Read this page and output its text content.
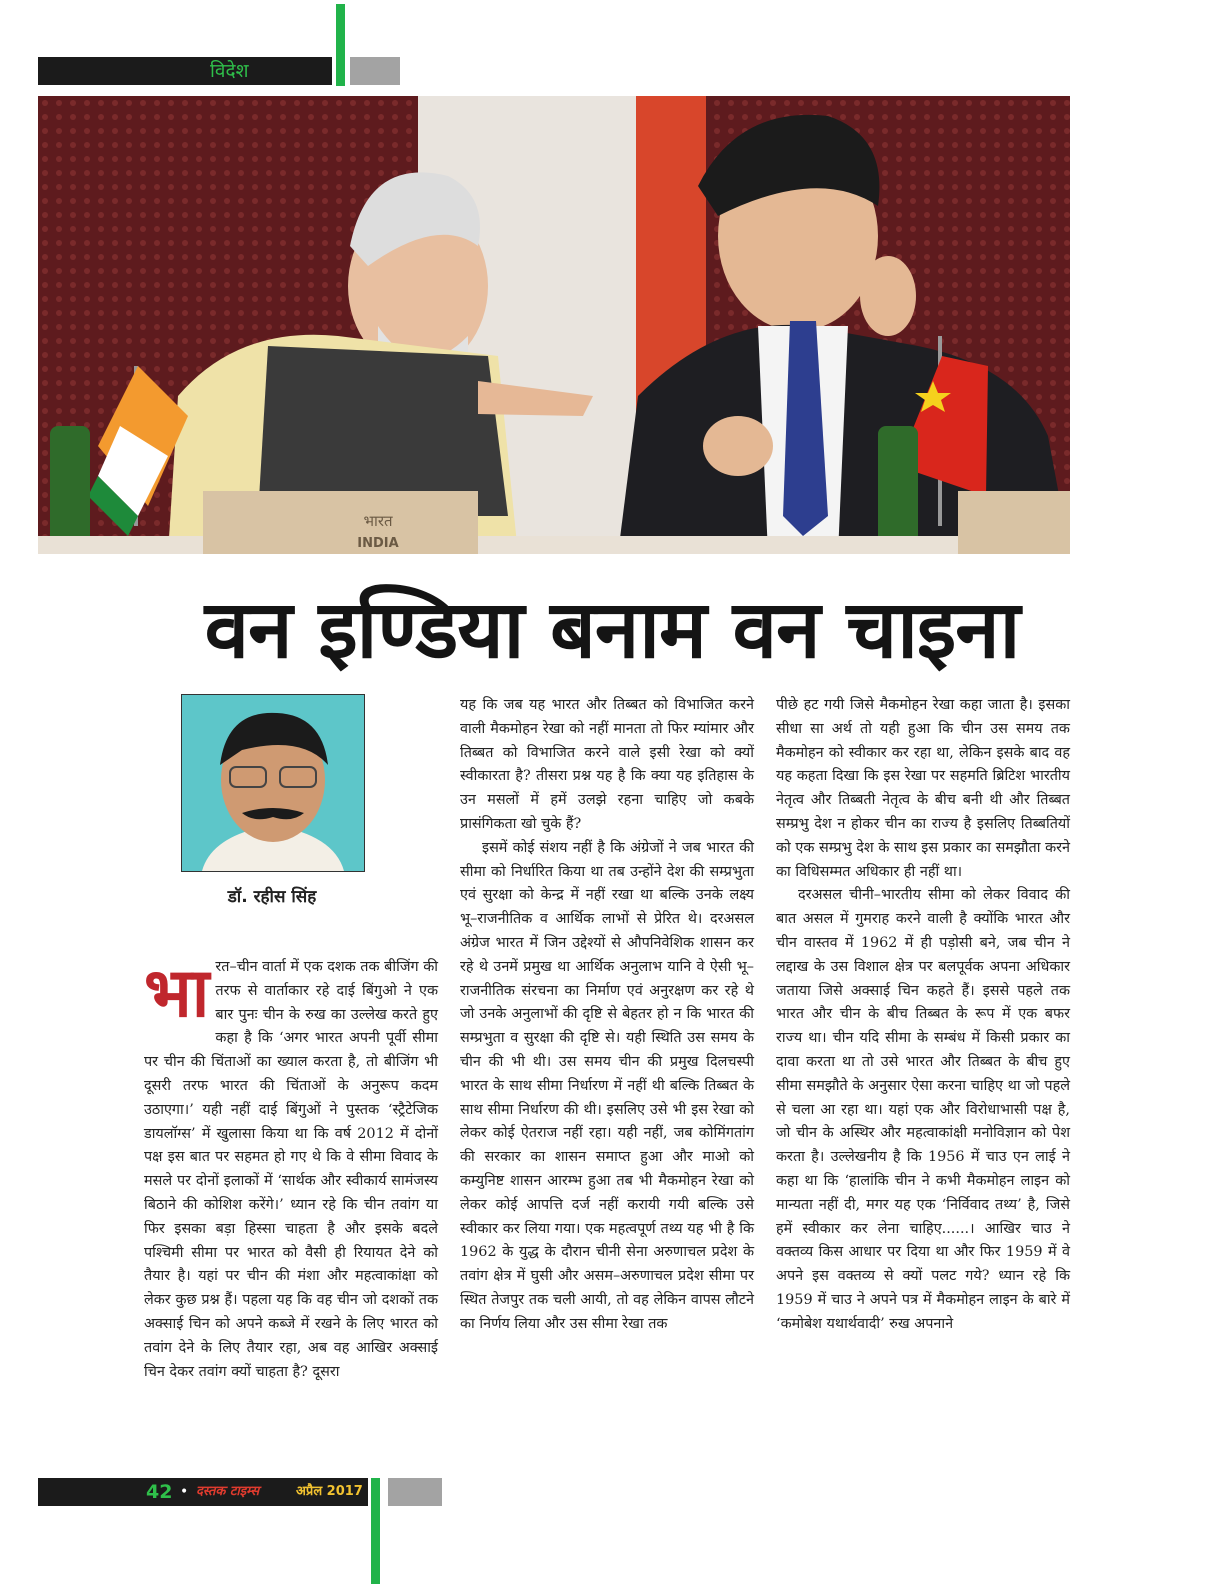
विदेश
भारत
INDIA
वन इण्डिया बनाम वन चाइना
डॉ. रहीस सिंह
भा रत–चीन वार्ता में एक दशक तक बीजिंग की तरफ से वार्ताकार रहे दाई बिंगुओ ने एक बार पुनः चीन के रुख का उल्लेख करते हुए कहा है कि ‘अगर भारत अपनी पूर्वी सीमा पर चीन की चिंताओं का ख्याल करता है, तो बीजिंग भी दूसरी तरफ भारत की चिंताओं के अनुरूप कदम उठाएगा।’ यही नहीं दाई बिंगुओं ने पुस्तक ‘स्ट्रैटेजिक डायलॉग्स’ में खुलासा किया था कि वर्ष 2012 में दोनों पक्ष इस बात पर सहमत हो गए थे कि वे सीमा विवाद के मसले पर दोनों इलाकों में ‘सार्थक और स्वीकार्य सामंजस्य बिठाने की कोशिश करेंगे।’ ध्यान रहे कि चीन तवांग या फिर इसका बड़ा हिस्सा चाहता है और इसके बदले पश्चिमी सीमा पर भारत को वैसी ही रियायत देने को तैयार है। यहां पर चीन की मंशा और महत्वाकांक्षा को लेकर कुछ प्रश्न हैं। पहला यह कि वह चीन जो दशकों तक अक्साई चिन को अपने कब्जे में रखने के लिए भारत को तवांग देने के लिए तैयार रहा, अब वह आखिर अक्साई चिन देकर तवांग क्यों चाहता है? दूसरा

यह कि जब यह भारत और तिब्बत को विभाजित करने वाली मैकमोहन रेखा को नहीं मानता तो फिर म्यांमार और तिब्बत को विभाजित करने वाले इसी रेखा को क्यों स्वीकारता है? तीसरा प्रश्न यह है कि क्या यह इतिहास के उन मसलों में हमें उलझे रहना चाहिए जो कबके प्रासंगिकता खो चुके हैं?

इसमें कोई संशय नहीं है कि अंग्रेजों ने जब भारत की सीमा को निर्धारित किया था तब उन्होंने देश की सम्प्रभुता एवं सुरक्षा को केन्द्र में नहीं रखा था बल्कि उनके लक्ष्य भू–राजनीतिक व आर्थिक लाभों से प्रेरित थे। दरअसल अंग्रेज भारत में जिन उद्देश्यों से औपनिवेशिक शासन कर रहे थे उनमें प्रमुख था आर्थिक अनुलाभ यानि वे ऐसी भू–राजनीतिक संरचना का निर्माण एवं अनुरक्षण कर रहे थे जो उनके अनुलाभों की दृष्टि से बेहतर हो न कि भारत की सम्प्रभुता व सुरक्षा की दृष्टि से। यही स्थिति उस समय के चीन की भी थी। उस समय चीन की प्रमुख दिलचस्पी भारत के साथ सीमा निर्धारण में नहीं थी बल्कि तिब्बत के साथ सीमा निर्धारण की थी। इसलिए उसे भी इस रेखा को लेकर कोई ऐतराज नहीं रहा। यही नहीं, जब कोमिंगतांग की सरकार का शासन समाप्त हुआ और माओ को कम्युनिष्ट शासन आरम्भ हुआ तब भी मैकमोहन रेखा को लेकर कोई आपत्ति दर्ज नहीं करायी गयी बल्कि उसे स्वीकार कर लिया गया। एक महत्वपूर्ण तथ्य यह भी है कि 1962 के युद्ध के दौरान चीनी सेना अरुणाचल प्रदेश के तवांग क्षेत्र में घुसी और असम–अरुणाचल प्रदेश सीमा पर स्थित तेजपुर तक चली आयी, तो वह लेकिन वापस लौटने का निर्णय लिया और उस सीमा रेखा तक

पीछे हट गयी जिसे मैकमोहन रेखा कहा जाता है। इसका सीधा सा अर्थ तो यही हुआ कि चीन उस समय तक मैकमोहन को स्वीकार कर रहा था, लेकिन इसके बाद वह यह कहता दिखा कि इस रेखा पर सहमति ब्रिटिश भारतीय नेतृत्व और तिब्बती नेतृत्व के बीच बनी थी और तिब्बत सम्प्रभु देश न होकर चीन का राज्य है इसलिए तिब्बतियों को एक सम्प्रभु देश के साथ इस प्रकार का समझौता करने का विधिसम्मत अधिकार ही नहीं था।

दरअसल चीनी–भारतीय सीमा को लेकर विवाद की बात असल में गुमराह करने वाली है क्योंकि भारत और चीन वास्तव में 1962 में ही पड़ोसी बने, जब चीन ने लद्दाख के उस विशाल क्षेत्र पर बलपूर्वक अपना अधिकार जताया जिसे अक्साई चिन कहते हैं। इससे पहले तक भारत और चीन के बीच तिब्बत के रूप में एक बफर राज्य था। चीन यदि सीमा के सम्बंध में किसी प्रकार का दावा करता था तो उसे भारत और तिब्बत के बीच हुए सीमा समझौते के अनुसार ऐसा करना चाहिए था जो पहले से चला आ रहा था। यहां एक और विरोधाभासी पक्ष है, जो चीन के अस्थिर और महत्वाकांक्षी मनोविज्ञान को पेश करता है। उल्लेखनीय है कि 1956 में चाउ एन लाई ने कहा था कि ‘हालांकि चीन ने कभी मैकमोहन लाइन को मान्यता नहीं दी, मगर यह एक ‘निर्विवाद तथ्य’ है, जिसे हमें स्वीकार कर लेना चाहिए......। आखिर चाउ ने वक्तव्य किस आधार पर दिया था और फिर 1959 में वे अपने इस वक्तव्य से क्यों पलट गये? ध्यान रहे कि 1959 में चाउ ने अपने पत्र में मैकमोहन लाइन के बारे में ‘कमोबेश यथार्थवादी’ रुख अपनाने

42 • दस्तक टाइम्स	अप्रैल 2017
